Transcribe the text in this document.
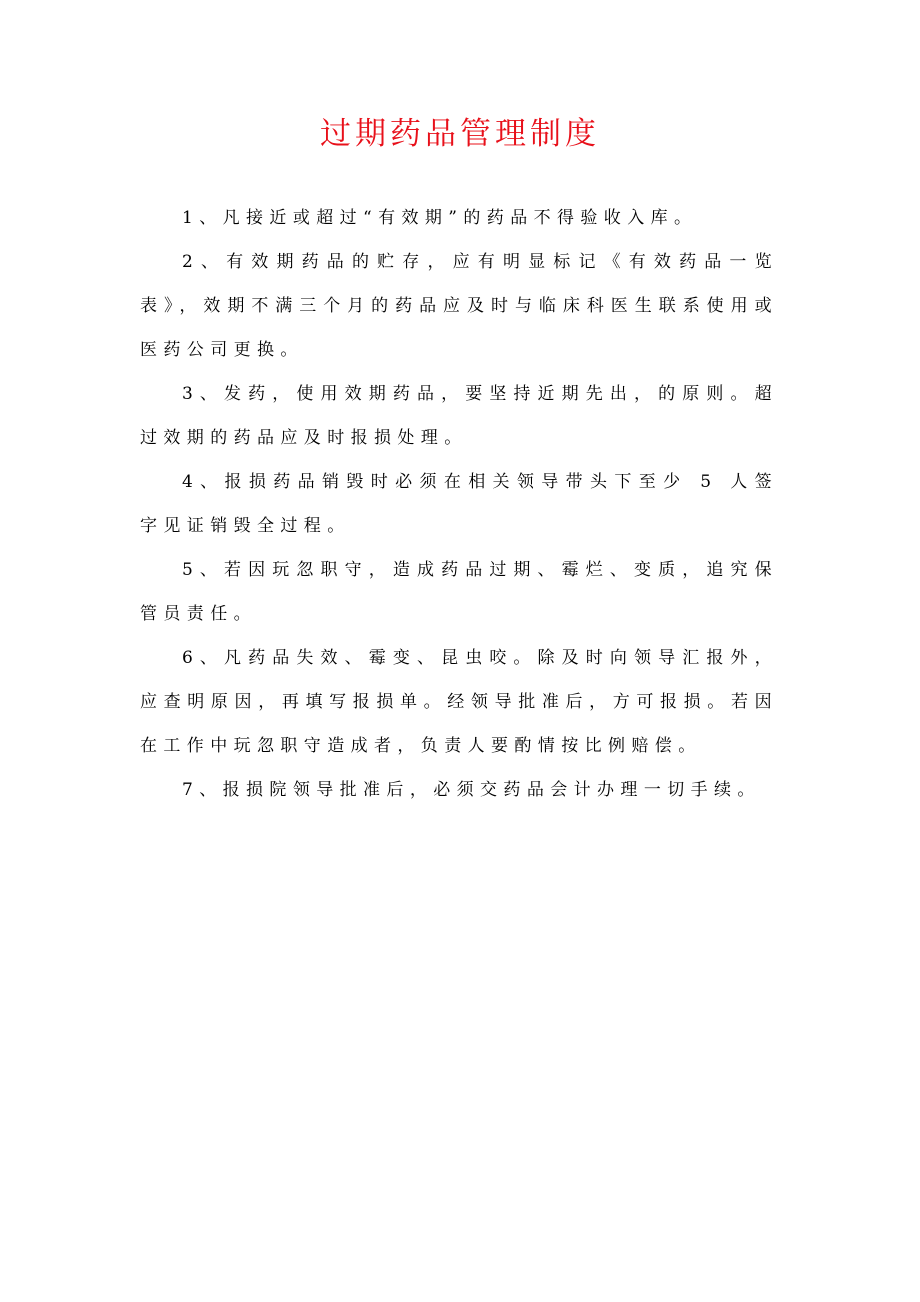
过期药品管理制度

1、凡接近或超过“有效期”的药品不得验收入库。

2、有效期药品的贮存，应有明显标记《有效药品一览表》，效期不满三个月的药品应及时与临床科医生联系使用或医药公司更换。

3、发药，使用效期药品，要坚持近期先出，的原则。超过效期的药品应及时报损处理。

4、报损药品销毁时必须在相关领导带头下至少 5 人签字见证销毁全过程。

5、若因玩忽职守，造成药品过期、霉烂、变质，追究保管员责任。

6、凡药品失效、霉变、昆虫咬。除及时向领导汇报外，应查明原因，再填写报损单。经领导批准后，方可报损。若因在工作中玩忽职守造成者，负责人要酌情按比例赔偿。

7、报损院领导批准后，必须交药品会计办理一切手续。
